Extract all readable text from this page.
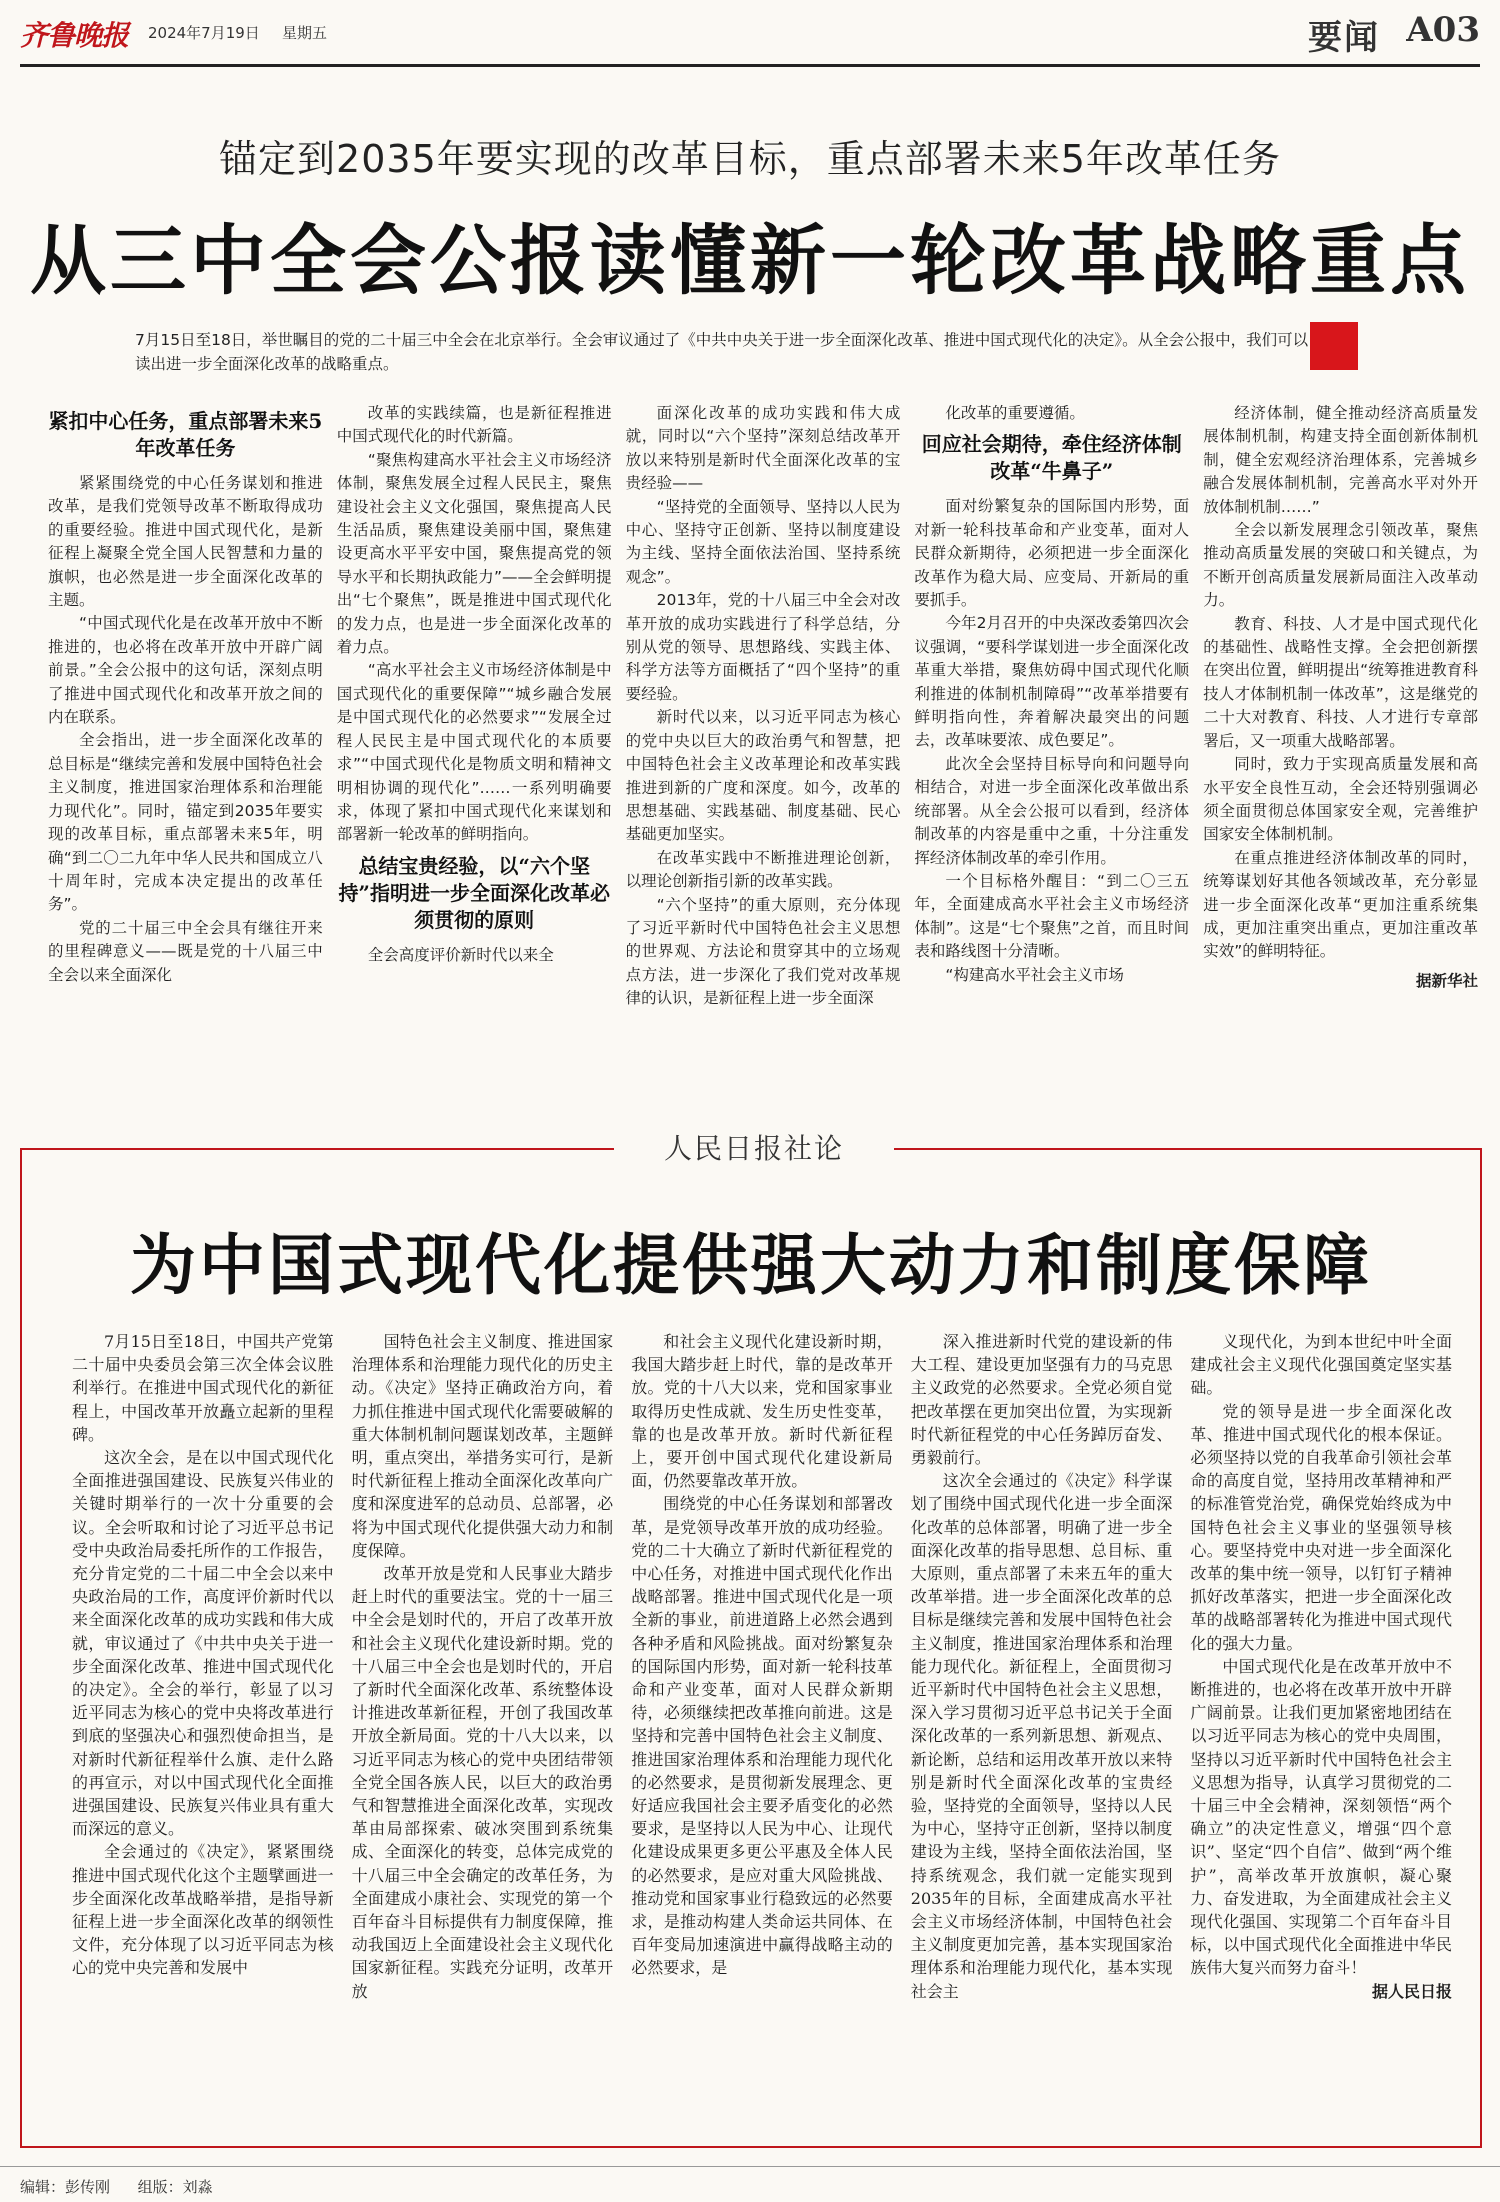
齐鲁晚报 2024年7月19日 星期五	要闻 A03
锚定到2035年要实现的改革目标，重点部署未来5年改革任务
从三中全会公报读懂新一轮改革战略重点
7月15日至18日，举世瞩目的党的二十届三中全会在北京举行。全会审议通过了《中共中央关于进一步全面深化改革、推进中国式现代化的决定》。从全会公报中，我们可以读出进一步全面深化改革的战略重点。

紧扣中心任务，重点部署未来5年改革任务

紧紧围绕党的中心任务谋划和推进改革，是我们党领导改革不断取得成功的重要经验。推进中国式现代化，是新征程上凝聚全党全国人民智慧和力量的旗帜，也必然是进一步全面深化改革的主题。

“中国式现代化是在改革开放中不断推进的，也必将在改革开放中开辟广阔前景。”全会公报中的这句话，深刻点明了推进中国式现代化和改革开放之间的内在联系。

全会指出，进一步全面深化改革的总目标是“继续完善和发展中国特色社会主义制度，推进国家治理体系和治理能力现代化”。同时，锚定到2035年要实现的改革目标，重点部署未来5年，明确“到二〇二九年中华人民共和国成立八十周年时，完成本决定提出的改革任务”。

党的二十届三中全会具有继往开来的里程碑意义——既是党的十八届三中全会以来全面深化

改革的实践续篇，也是新征程推进中国式现代化的时代新篇。

“聚焦构建高水平社会主义市场经济体制，聚焦发展全过程人民民主，聚焦建设社会主义文化强国，聚焦提高人民生活品质，聚焦建设美丽中国，聚焦建设更高水平平安中国，聚焦提高党的领导水平和长期执政能力”——全会鲜明提出“七个聚焦”，既是推进中国式现代化的发力点，也是进一步全面深化改革的着力点。

“高水平社会主义市场经济体制是中国式现代化的重要保障”“城乡融合发展是中国式现代化的必然要求”“发展全过程人民民主是中国式现代化的本质要求”“中国式现代化是物质文明和精神文明相协调的现代化”……一系列明确要求，体现了紧扣中国式现代化来谋划和部署新一轮改革的鲜明指向。

总结宝贵经验，以“六个坚持”指明进一步全面深化改革必须贯彻的原则

全会高度评价新时代以来全

面深化改革的成功实践和伟大成就，同时以“六个坚持”深刻总结改革开放以来特别是新时代全面深化改革的宝贵经验——

“坚持党的全面领导、坚持以人民为中心、坚持守正创新、坚持以制度建设为主线、坚持全面依法治国、坚持系统观念”。

2013年，党的十八届三中全会对改革开放的成功实践进行了科学总结，分别从党的领导、思想路线、实践主体、科学方法等方面概括了“四个坚持”的重要经验。

新时代以来，以习近平同志为核心的党中央以巨大的政治勇气和智慧，把中国特色社会主义改革理论和改革实践推进到新的广度和深度。如今，改革的思想基础、实践基础、制度基础、民心基础更加坚实。

在改革实践中不断推进理论创新，以理论创新指引新的改革实践。

“六个坚持”的重大原则，充分体现了习近平新时代中国特色社会主义思想的世界观、方法论和贯穿其中的立场观点方法，进一步深化了我们党对改革规律的认识，是新征程上进一步全面深

化改革的重要遵循。

回应社会期待，牵住经济体制改革“牛鼻子”

面对纷繁复杂的国际国内形势，面对新一轮科技革命和产业变革，面对人民群众新期待，必须把进一步全面深化改革作为稳大局、应变局、开新局的重要抓手。

今年2月召开的中央深改委第四次会议强调，“要科学谋划进一步全面深化改革重大举措，聚焦妨碍中国式现代化顺利推进的体制机制障碍”“改革举措要有鲜明指向性，奔着解决最突出的问题去，改革味要浓、成色要足”。

此次全会坚持目标导向和问题导向相结合，对进一步全面深化改革做出系统部署。从全会公报可以看到，经济体制改革的内容是重中之重，十分注重发挥经济体制改革的牵引作用。

一个目标格外醒目：“到二〇三五年，全面建成高水平社会主义市场经济体制”。这是“七个聚焦”之首，而且时间表和路线图十分清晰。

“构建高水平社会主义市场

经济体制，健全推动经济高质量发展体制机制，构建支持全面创新体制机制，健全宏观经济治理体系，完善城乡融合发展体制机制，完善高水平对外开放体制机制……”

全会以新发展理念引领改革，聚焦推动高质量发展的突破口和关键点，为不断开创高质量发展新局面注入改革动力。

教育、科技、人才是中国式现代化的基础性、战略性支撑。全会把创新摆在突出位置，鲜明提出“统筹推进教育科技人才体制机制一体改革”，这是继党的二十大对教育、科技、人才进行专章部署后，又一项重大战略部署。

同时，致力于实现高质量发展和高水平安全良性互动，全会还特别强调必须全面贯彻总体国家安全观，完善维护国家安全体制机制。

在重点推进经济体制改革的同时，统筹谋划好其他各领域改革，充分彰显进一步全面深化改革“更加注重系统集成，更加注重突出重点，更加注重改革实效”的鲜明特征。

据新华社

人民日报社论
为中国式现代化提供强大动力和制度保障

7月15日至18日，中国共产党第二十届中央委员会第三次全体会议胜利举行。在推进中国式现代化的新征程上，中国改革开放矗立起新的里程碑。

这次全会，是在以中国式现代化全面推进强国建设、民族复兴伟业的关键时期举行的一次十分重要的会议。全会听取和讨论了习近平总书记受中央政治局委托所作的工作报告，充分肯定党的二十届二中全会以来中央政治局的工作，高度评价新时代以来全面深化改革的成功实践和伟大成就，审议通过了《中共中央关于进一步全面深化改革、推进中国式现代化的决定》。全会的举行，彰显了以习近平同志为核心的党中央将改革进行到底的坚强决心和强烈使命担当，是对新时代新征程举什么旗、走什么路的再宣示，对以中国式现代化全面推进强国建设、民族复兴伟业具有重大而深远的意义。

全会通过的《决定》，紧紧围绕推进中国式现代化这个主题擘画进一步全面深化改革战略举措，是指导新征程上进一步全面深化改革的纲领性文件，充分体现了以习近平同志为核心的党中央完善和发展中

国特色社会主义制度、推进国家治理体系和治理能力现代化的历史主动。《决定》坚持正确政治方向，着力抓住推进中国式现代化需要破解的重大体制机制问题谋划改革，主题鲜明，重点突出，举措务实可行，是新时代新征程上推动全面深化改革向广度和深度进军的总动员、总部署，必将为中国式现代化提供强大动力和制度保障。

改革开放是党和人民事业大踏步赶上时代的重要法宝。党的十一届三中全会是划时代的，开启了改革开放和社会主义现代化建设新时期。党的十八届三中全会也是划时代的，开启了新时代全面深化改革、系统整体设计推进改革新征程，开创了我国改革开放全新局面。党的十八大以来，以习近平同志为核心的党中央团结带领全党全国各族人民，以巨大的政治勇气和智慧推进全面深化改革，实现改革由局部探索、破冰突围到系统集成、全面深化的转变，总体完成党的十八届三中全会确定的改革任务，为全面建成小康社会、实现党的第一个百年奋斗目标提供有力制度保障，推动我国迈上全面建设社会主义现代化国家新征程。实践充分证明，改革开放

和社会主义现代化建设新时期，我国大踏步赶上时代，靠的是改革开放。党的十八大以来，党和国家事业取得历史性成就、发生历史性变革，靠的也是改革开放。新时代新征程上，要开创中国式现代化建设新局面，仍然要靠改革开放。

围绕党的中心任务谋划和部署改革，是党领导改革开放的成功经验。党的二十大确立了新时代新征程党的中心任务，对推进中国式现代化作出战略部署。推进中国式现代化是一项全新的事业，前进道路上必然会遇到各种矛盾和风险挑战。面对纷繁复杂的国际国内形势，面对新一轮科技革命和产业变革，面对人民群众新期待，必须继续把改革推向前进。这是坚持和完善中国特色社会主义制度、推进国家治理体系和治理能力现代化的必然要求，是贯彻新发展理念、更好适应我国社会主要矛盾变化的必然要求，是坚持以人民为中心、让现代化建设成果更多更公平惠及全体人民的必然要求，是应对重大风险挑战、推动党和国家事业行稳致远的必然要求，是推动构建人类命运共同体、在百年变局加速演进中赢得战略主动的必然要求，是

深入推进新时代党的建设新的伟大工程、建设更加坚强有力的马克思主义政党的必然要求。全党必须自觉把改革摆在更加突出位置，为实现新时代新征程党的中心任务踔厉奋发、勇毅前行。

这次全会通过的《决定》科学谋划了围绕中国式现代化进一步全面深化改革的总体部署，明确了进一步全面深化改革的指导思想、总目标、重大原则，重点部署了未来五年的重大改革举措。进一步全面深化改革的总目标是继续完善和发展中国特色社会主义制度，推进国家治理体系和治理能力现代化。新征程上，全面贯彻习近平新时代中国特色社会主义思想，深入学习贯彻习近平总书记关于全面深化改革的一系列新思想、新观点、新论断，总结和运用改革开放以来特别是新时代全面深化改革的宝贵经验，坚持党的全面领导，坚持以人民为中心，坚持守正创新，坚持以制度建设为主线，坚持全面依法治国，坚持系统观念，我们就一定能实现到2035年的目标，全面建成高水平社会主义市场经济体制，中国特色社会主义制度更加完善，基本实现国家治理体系和治理能力现代化，基本实现社会主

义现代化，为到本世纪中叶全面建成社会主义现代化强国奠定坚实基础。

党的领导是进一步全面深化改革、推进中国式现代化的根本保证。必须坚持以党的自我革命引领社会革命的高度自觉，坚持用改革精神和严的标准管党治党，确保党始终成为中国特色社会主义事业的坚强领导核心。要坚持党中央对进一步全面深化改革的集中统一领导，以钉钉子精神抓好改革落实，把进一步全面深化改革的战略部署转化为推进中国式现代化的强大力量。

中国式现代化是在改革开放中不断推进的，也必将在改革开放中开辟广阔前景。让我们更加紧密地团结在以习近平同志为核心的党中央周围，坚持以习近平新时代中国特色社会主义思想为指导，认真学习贯彻党的二十届三中全会精神，深刻领悟“两个确立”的决定性意义，增强“四个意识”、坚定“四个自信”、做到“两个维护”，高举改革开放旗帜，凝心聚力、奋发进取，为全面建成社会主义现代化强国、实现第二个百年奋斗目标，以中国式现代化全面推进中华民族伟大复兴而努力奋斗！

据人民日报

编辑：彭传刚 组版：刘淼
